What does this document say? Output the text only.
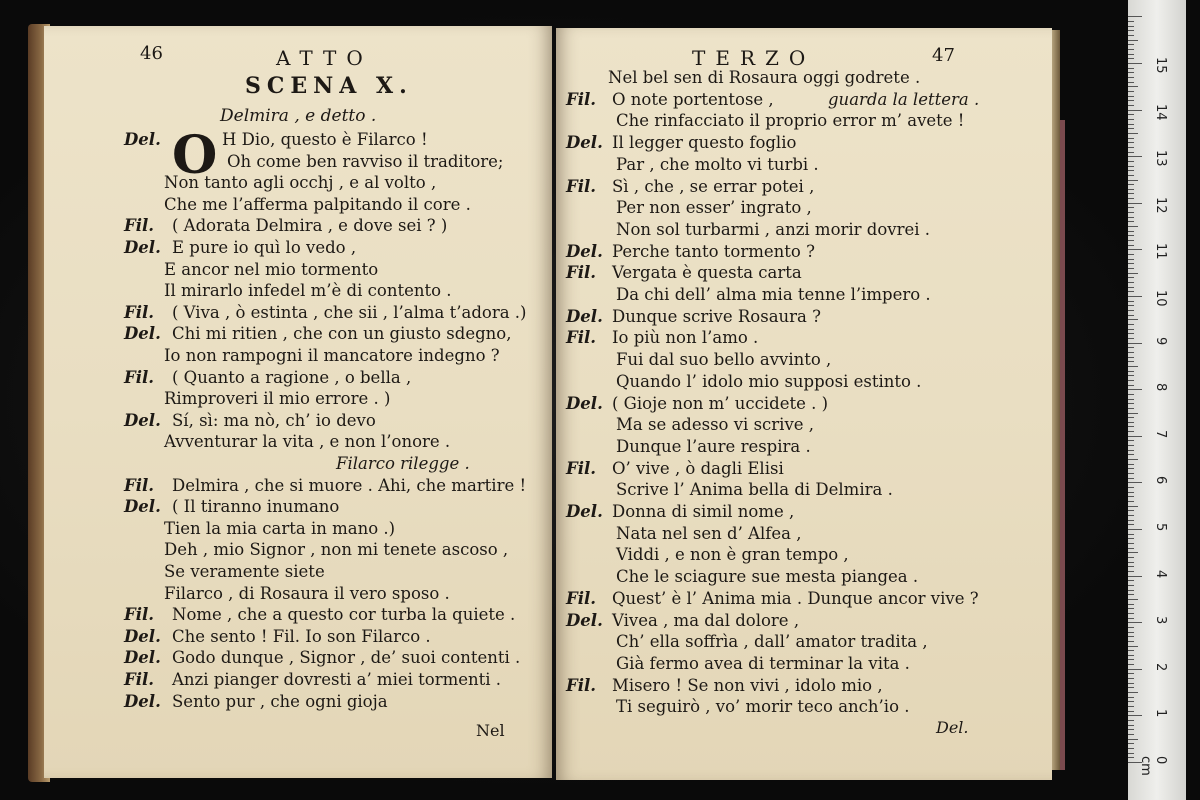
46	ATTO
SCENA X.
Delmira , e detto .
O
Del.	H Dio, questo è Filarco !
Oh come ben ravviso il traditore;
Non tanto agli occhj , e al volto ,
Che me l’afferma palpitando il core .
Fil. ( Adorata Delmira , e dove sei ? )
Del. E pure io quì lo vedo ,
E ancor nel mio tormento
Il mirarlo infedel m’è di contento .
Fil. ( Viva , ò estinta , che sii , l’alma t’adora .)
Del. Chi mi ritien , che con un giusto sdegno,
Io non rampogni il mancatore indegno ?
Fil. ( Quanto a ragione , o bella ,
Rimproveri il mio errore . )
Del. Sí, sì: ma nò, ch’ io devo
Avventurar la vita , e non l’onore .
Filarco rilegge .
Fil. Delmira , che si muore . Ahi, che martire !
Del. ( Il tiranno inumano
Tien la mia carta in mano .)
Deh , mio Signor , non mi tenete ascoso ,
Se veramente siete
Filarco , di Rosaura il vero sposo .
Fil. Nome , che a questo cor turba la quiete .
Del. Che sento ! Fil. Io son Filarco .
Del. Godo dunque , Signor , de’ suoi contenti .
Fil. Anzi pianger dovresti a’ miei tormenti .
Del. Sento pur , che ogni gioja
Nel
TERZO	47
Nel bel sen di Rosaura oggi godrete .
Fil. O note portentose ,	guarda la lettera .
Che rinfacciato il proprio error m’ avete !
Del. Il legger questo foglio
Par , che molto vi turbi .
Fil. Sì , che , se errar potei ,
Per non esser’ ingrato ,
Non sol turbarmi , anzi morir dovrei .
Del. Perche tanto tormento ?
Fil. Vergata è questa carta
Da chi dell’ alma mia tenne l’impero .
Del. Dunque scrive Rosaura ?
Fil. Io più non l’amo .
Fui dal suo bello avvinto ,
Quando l’ idolo mio supposi estinto .
Del. ( Gioje non m’ uccidete . )
Ma se adesso vi scrive ,
Dunque l’aure respira .
Fil. O’ vive , ò dagli Elisi
Scrive l’ Anima bella di Delmira .
Del. Donna di simil nome ,
Nata nel sen d’ Alfea ,
Viddi , e non è gran tempo ,
Che le sciagure sue mesta piangea .
Fil. Quest’ è l’ Anima mia . Dunque ancor vive ?
Del. Vivea , ma dal dolore ,
Ch’ ella soffrìa , dall’ amator tradita ,
Già fermo avea di terminar la vita .
Fil. Misero ! Se non vivi , idolo mio ,
Ti seguirò , vo’ morir teco anch’io .
Del.
0 cm
1
2
3
4
5
6
7
8
9
10
11
12
13
14
15
